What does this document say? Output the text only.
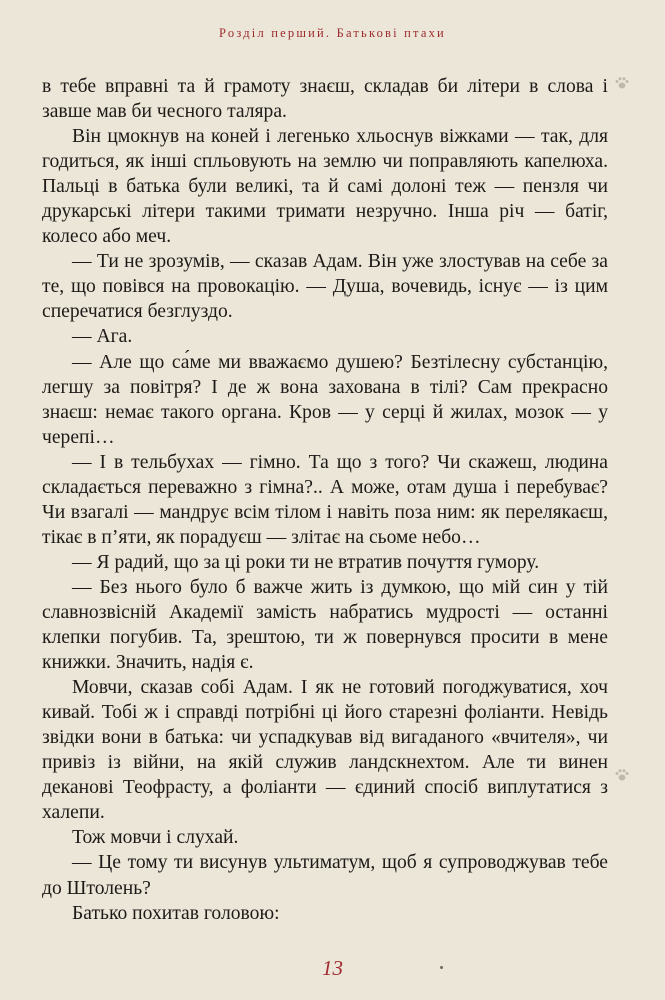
Розділ перший. Батькові птахи

в тебе вправні та й грамоту знаєш, складав би літери в слова і завше мав би чесного таляра.

Він цмокнув на коней і легенько хльоснув віжками — так, для годиться, як інші спльовують на землю чи поправляють капелюха. Пальці в батька були великі, та й самі долоні теж — пензля чи друкарські літери такими тримати незручно. Інша річ — батіг, колесо або меч.

— Ти не зрозумів, — сказав Адам. Він уже злостував на себе за те, що повівся на провокацію. — Душа, вочевидь, існує — із цим сперечатися безглуздо.

— Ага.

— Але що са́ме ми вважаємо душею? Безтілесну субстанцію, легшу за повітря? І де ж вона захована в тілі? Сам прекрасно знаєш: немає такого органа. Кров — у серці й жилах, мозок — у черепі…

— І в тельбухах — гімно. Та що з того? Чи скажеш, людина складається переважно з гімна?.. А може, отам душа і перебуває? Чи взагалі — мандрує всім тілом і навіть поза ним: як перелякаєш, тікає в п’яти, як порадуєш — злітає на сьоме небо…

— Я радий, що за ці роки ти не втратив почуття гумору.

— Без нього було б важче жить із думкою, що мій син у тій славнозвісній Академії замість набратись мудрості — останні клепки погубив. Та, зрештою, ти ж повернувся просити в мене книжки. Значить, надія є.

Мовчи, сказав собі Адам. І як не готовий погоджуватися, хоч кивай. Тобі ж і справді потрібні ці його старезні фоліанти. Невідь звідки вони в батька: чи успадкував від вигаданого «вчителя», чи привіз із війни, на якій служив ландскнехтом. Але ти винен деканові Теофрасту, а фоліанти — єдиний спосіб виплутатися з халепи.

Тож мовчи і слухай.

— Це тому ти висунув ультиматум, щоб я супроводжував тебе до Штолень?

Батько похитав головою:

13
